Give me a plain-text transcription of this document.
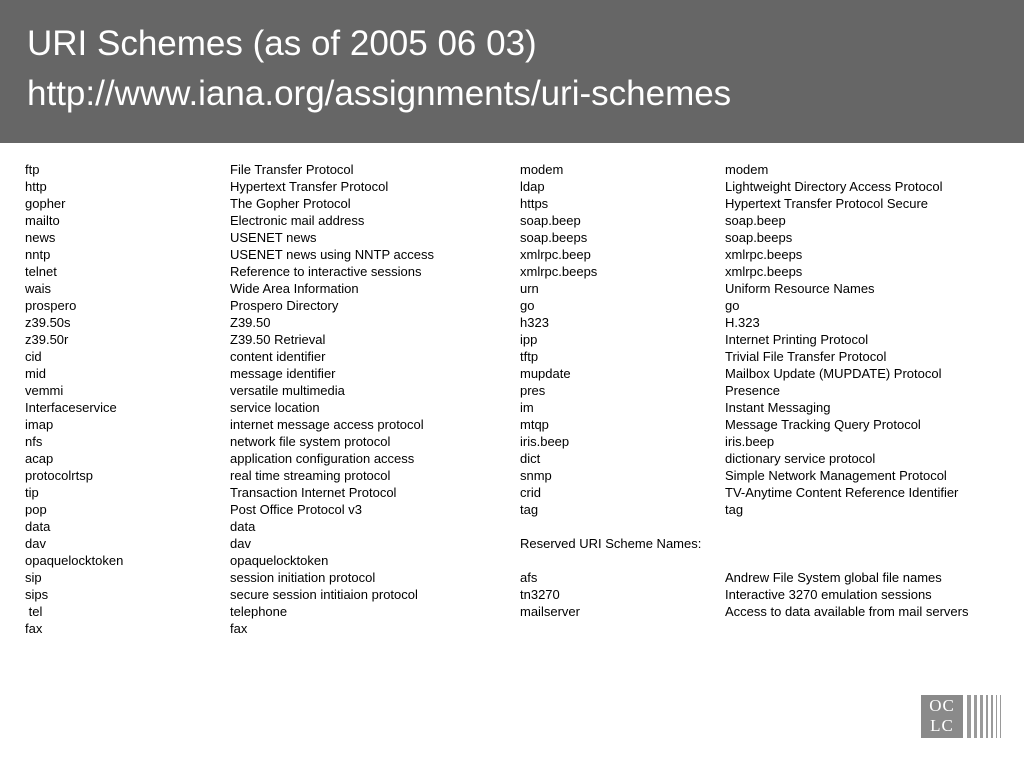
URI Schemes (as of 2005 06 03)
http://www.iana.org/assignments/uri-schemes
ftp
http
gopher
mailto
news
nntp
telnet
wais
prospero
z39.50s
z39.50r
cid
mid
vemmi
Interfaceservice
imap
nfs
acap
protocolrtsp
tip
pop
data
dav
opaquelocktoken
sip
sips
tel
fax
File Transfer Protocol
Hypertext Transfer Protocol
The Gopher Protocol
Electronic mail address
USENET news
USENET news using NNTP access
Reference to interactive sessions
Wide Area Information
Prospero Directory
Z39.50
Z39.50 Retrieval
content identifier
message identifier
versatile multimedia
service location
internet message access protocol
network file system protocol
application configuration access
real time streaming protocol
Transaction Internet Protocol
Post Office Protocol v3
data
dav
opaquelocktoken
session initiation protocol
secure session intitiaion protocol
telephone
fax
modem
ldap
https
soap.beep
soap.beeps
xmlrpc.beep
xmlrpc.beeps
urn
go
h323
ipp
tftp
mupdate
pres
im
mtqp
iris.beep
dict
snmp
crid
tag
Reserved URI Scheme Names:
afs
tn3270
mailserver
modem
Lightweight Directory Access Protocol
Hypertext Transfer Protocol Secure
soap.beep
soap.beeps
xmlrpc.beeps
xmlrpc.beeps
Uniform Resource Names
go
H.323
Internet Printing Protocol
Trivial File Transfer Protocol
Mailbox Update (MUPDATE) Protocol
Presence
Instant Messaging
Message Tracking Query Protocol
iris.beep
dictionary service protocol
Simple Network Management Protocol
TV-Anytime Content Reference Identifier
tag
Andrew File System global file names
Interactive 3270 emulation sessions
Access to data available from mail servers
OC
LC
